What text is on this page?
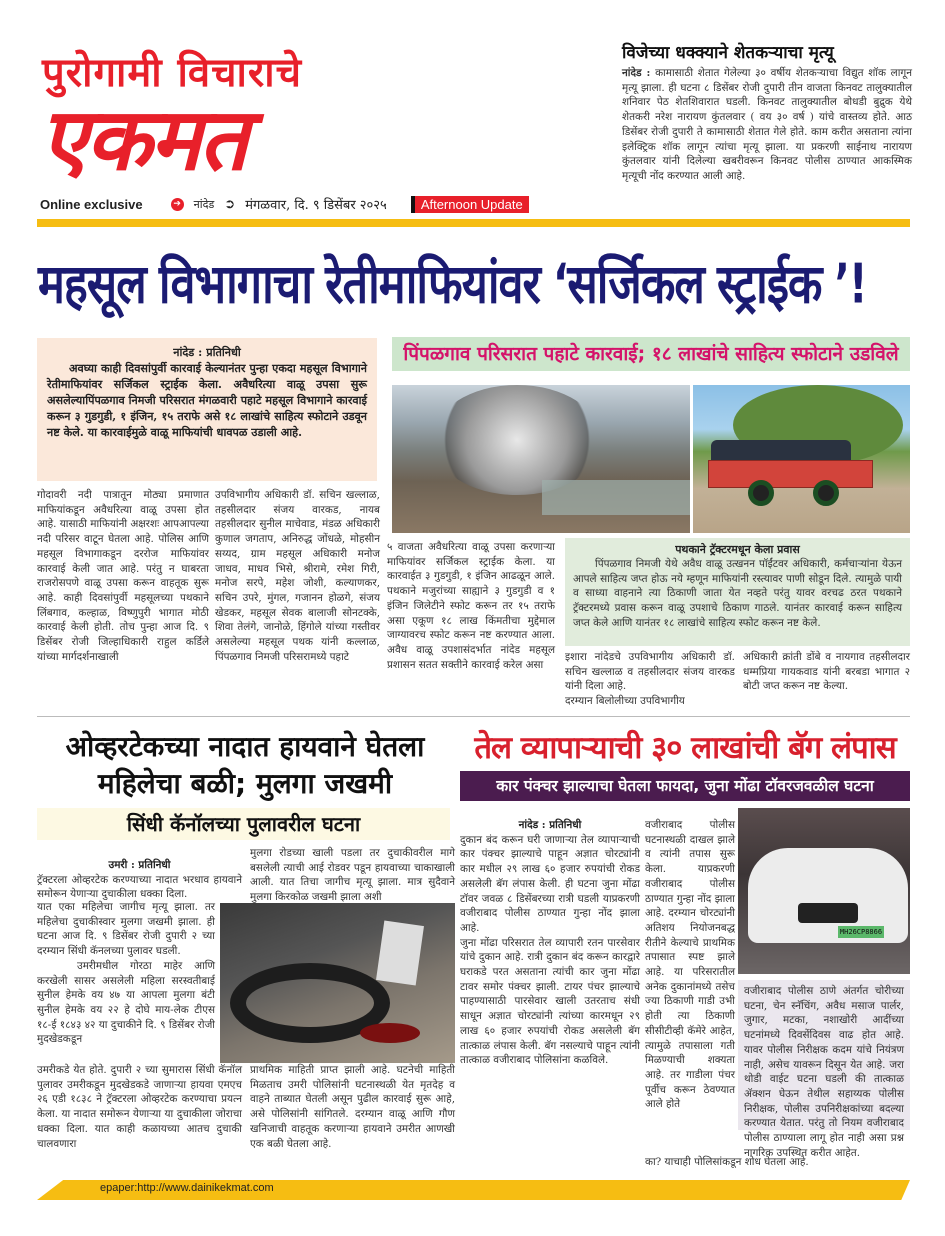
पुरोगामी विचाराचे
एकमत
Online exclusive	➔ नांदेड ➲ मंगळवार, दि. ९ डिसेंबर २०२५	Afternoon Update
विजेच्या धक्क्याने शेतकऱ्याचा मृत्यू
नांदेड : कामासाठी शेतात गेलेल्या ३० वर्षीय शेतकऱ्याचा विद्युत शॉक लागून मृत्यू झाला. ही घटना ८ डिसेंबर रोजी दुपारी तीन वाजता किनवट तालुक्यातील शनिवार पेठ शेतशिवारात घडली. किनवट तालुक्यातील बोधडी बुद्रुक येथे शेतकरी नरेश नारायण कुंतलवार ( वय ३० वर्ष ) यांचे वास्तव्य होते. आठ डिसेंबर रोजी दुपारी ते कामासाठी शेतात गेले होते. काम करीत असताना त्यांना इलेक्ट्रिक शॉक लागून त्यांचा मृत्यू झाला. या प्रकरणी साईनाथ नारायण कुंतलवार यांनी दिलेल्या खबरीवरून किनवट पोलीस ठाण्यात आकस्मिक मृत्यूची नोंद करण्यात आली आहे.
महसूल विभागाचा रेतीमाफियांवर ‘सर्जिकल स्ट्राईक ’!
नांदेड : प्रतिनिधी

अवघ्या काही दिवसांपुर्वी कारवाई केल्यानंतर पुन्हा एकदा महसूल विभागाने रेतीमाफियांवर सर्जिकल स्ट्राईक केला. अवैधरित्या वाळू उपसा सुरू असलेल्यापिंपळगाव निमजी परिसरात मंगळवारी पहाटे महसूल विभागाने कारवाई करून ३ गुडगुडी, १ इंजिन, १५ तराफे असे १८ लाखांचे साहित्य स्फोटाने उडवून नष्ट केले. या कारवाईमुळे वाळू माफियांची धावपळ उडाली आहे.

पिंपळगाव परिसरात पहाटे कारवाई; १८ लाखांचे साहित्य स्फोटाने उडविले

गोदावरी नदी पात्रातून मोठ्या प्रमाणात माफियांकडून अवैधरित्या वाळू उपसा होत आहे. यासाठी माफियांनी अक्षरशः आपआपल्या नदी परिसर वाटून घेतला आहे. पोलिस आणि महसूल विभागाकडून दररोज माफियांवर कारवाई केली जात आहे. परंतु न घाबरता राजरोसपणे वाळू उपसा करून वाहतूक सुरू आहे. काही दिवसांपुर्वी महसूलच्या पथकाने लिंबगाव, कल्हाळ, विष्णुपुरी भागात मोठी कारवाई केली होती. तोच पुन्हा आज दि. ९ डिसेंबर रोजी जिल्हाधिकारी राहुल कर्डिले यांच्या मार्गदर्शनाखाली

उपविभागीय अधिकारी डॉ. सचिन खल्लाळ, तहसीलदार संजय वारकड, नायब तहसीलदार सुनील माचेवाड, मंडळ अधिकारी कुणाल जगताप, अनिरुद्ध जोंधळे, मोहसीन सय्यद, ग्राम महसूल अधिकारी मनोज जाधव, माधव भिसे, श्रीरामे, रमेश गिरी, मनोज सरपे, महेश जोशी, कल्याणकर, सचिन उपरे, मुंगल, गजानन होळगे, संजय खेडकर, महसूल सेवक बालाजी सोनटक्के, शिवा तेलंगे, जानोळे, हिंगोले यांच्या गस्तीवर असलेल्या महसूल पथक यांनी कल्लाळ, पिंपळगाव निमजी परिसरामध्ये पहाटे

५ वाजता अवैधरित्या वाळू उपसा करणाऱ्या माफियांवर सर्जिकल स्ट्राईक केला. या कारवाईत ३ गुडगुडी, १ इंजिन आढळून आले. पथकाने मजुरांच्या साह्याने ३ गुडगुडी व १ इंजिन जिलेटीने स्फोट करून तर १५ तराफे असा एकूण १८ लाख किंमतीचा मुद्देमाल जाग्यावरच स्फोट करून नष्ट करण्यात आला. अवैध वाळू उपशासंदर्भात नांदेड महसूल प्रशासन सतत सक्तीने कारवाई करेल असा

पथकाने ट्रॅक्टरमधून केला प्रवास

पिंपळगाव निमजी येथे अवैध वाळू उत्खनन पॉईंटवर अधिकारी, कर्मचाऱ्यांना येऊन आपले साहित्य जप्त होऊ नये म्हणून माफियांनी रस्त्यावर पाणी सोडून दिले. त्यामुळे पायी व साध्या वाहनाने त्या ठिकाणी जाता येत नव्हते परंतु यावर वरचढ ठरत पथकाने ट्रॅक्टरमध्ये प्रवास करून वाळू उपशाचे ठिकाण गाठले. यानंतर कारवाई करून साहित्य जप्त केले आणि यानंतर १८ लाखांचे साहित्य स्फोट करून नष्ट केले.

इशारा नांदेडचे उपविभागीय अधिकारी डॉ. सचिन खल्लाळ व तहसीलदार संजय वारकड यांनी दिला आहे.

दरम्यान बिलोलीच्या उपविभागीय

अधिकारी क्रांती डोंबे व नायगाव तहसीलदार धम्मप्रिया गायकवाड यांनी बरबडा भागात २ बोटी जप्त करून नष्ट केल्या.

ओव्हरटेकच्या नादात हायवाने घेतला महिलेचा बळी; मुलगा जखमी
सिंधी कॅनॉलच्या पुलावरील घटना
उमरी : प्रतिनिधी

ट्रॅक्टरला ओव्हरटेक करण्याच्या नादात भरधाव हायवाने समोरून येणाऱ्या दुचाकीला धक्का दिला.

मुलगा रोडच्या खाली पडला तर दुचाकीवरील मागे बसलेली त्याची आई रोडवर पडून हायवाच्या चाकाखाली आली. यात तिचा जागीच मृत्यू झाला. मात्र सुदैवाने मुलगा किरकोळ जखमी झाला अशी

यात एका महिलेचा जागीच मृत्यू झाला. तर महिलेचा दुचाकीस्वार मुलगा जखमी झाला. ही घटना आज दि. ९ डिसेंबर रोजी दुपारी २ च्या दरम्यान सिंधी कॅनलच्या पुलावर घडली.

उमरीमधील गोरठा माहेर आणि करखेली सासर असलेली महिला सरस्वतीबाई सुनील हेमके वय ४७ या आपला मुलगा बंटी सुनील हेमके वय २२ हे दोघे माय-लेक टीएस १८-ई १८४३ ४२ या दुचाकीने दि. ९ डिसेंबर रोजी मुदखेडकडून

उमरीकडे येत होते. दुपारी २ च्या सुमारास सिंधी कॅनॉल पुलावर उमरीकडून मुदखेडकडे जाणाऱ्या हायवा एमएच २६ एडी १८३८ ने ट्रॅक्टरला ओव्हरटेक करण्याचा प्रयत्न केला. या नादात समोरून येणाऱ्या या दुचाकीला जोराचा धक्का दिला. यात काही कळायच्या आतच दुचाकी चालवणारा

प्राथमिक माहिती प्राप्त झाली आहे. घटनेची माहिती मिळताच उमरी पोलिसांनी घटनास्थळी येत मृतदेह व वाहने ताब्यात घेतली असून पुढील कारवाई सुरू आहे, असे पोलिसांनी सांगितले. दरम्यान वाळू आणि गौण खनिजाची वाहतूक करणाऱ्या हायवाने उमरीत आणखी एक बळी घेतला आहे.

तेल व्यापाऱ्याची ३० लाखांची बॅग लंपास
कार पंक्चर झाल्याचा घेतला फायदा, जुना मोंढा टॉवरजवळील घटना
नांदेड : प्रतिनिधी

दुकान बंद करून घरी जाणाऱ्या तेल व्यापाऱ्याची कार पंक्चर झाल्याचे पाहून अज्ञात चोरट्यांनी कार मधील २९ लाख ६० हजार रुपयांची रोकड असलेली बॅग लंपास केली. ही घटना जुना मोंढा टॉवर जवळ ८ डिसेंबरच्या रात्री घडली याप्रकरणी वजीराबाद पोलीस ठाण्यात गुन्हा नोंद झाला आहे.

जुना मोंढा परिसरात तेल व्यापारी रतन पारसेवार यांचे दुकान आहे. रात्री दुकान बंद करून कारद्वारे घराकडे परत असताना त्यांची कार जुना मोंढा टावर समोर पंक्चर झाली. टायर पंचर झाल्याचे पाहण्यासाठी पारसेवार खाली उतरताच संधी साधून अज्ञात चोरट्यांनी त्यांच्या कारमधून २९ लाख ६० हजार रुपयांची रोकड असलेली बॅग तात्काळ लंपास केली. बॅग नसल्याचे पाहून त्यांनी तात्काळ वजीराबाद पोलिसांना कळविले.

वजीराबाद पोलीस घटनास्थळी दाखल झाले व त्यांनी तपास सुरू केला. याप्रकरणी वजीराबाद पोलीस ठाण्यात गुन्हा नोंद झाला आहे. दरम्यान चोरट्यांनी अतिशय नियोजनबद्ध रीतीने केल्याचे प्राथमिक तपासात स्पष्ट झाले आहे. या परिसरातील अनेक दुकानांमध्ये तसेच ज्या ठिकाणी गाडी उभी होती त्या ठिकाणी सीसीटीव्ही कॅमेरे आहेत, त्यामुळे तपासाला गती मिळण्याची शक्यता आहे. तर गाडीला पंचर पूर्वीच करून ठेवण्यात आले होते

MH26CP8866

वजीराबाद पोलीस ठाणे अंतर्गत चोरीच्या घटना, चेन स्नॅचिंग, अवैध मसाज पार्लर, जुगार, मटका, नशाखोरी आदींच्या घटनांमध्ये दिवसेंदिवस वाढ होत आहे. यावर पोलीस निरीक्षक कदम यांचे नियंत्रण नाही, असेच यावरून दिसून येत आहे. जरा थोडी वाईट घटना घडली की तात्काळ ॲक्शन घेऊन तेथील सहाय्यक पोलीस निरीक्षक, पोलीस उपनिरीक्षकांच्या बदल्या करण्यात येतात. परंतु तो नियम वजीराबाद पोलीस ठाण्याला लागू होत नाही असा प्रश्न नागरिक उपस्थित करीत आहेत.

का? याचाही पोलिसांकडून शोध घेतला आहे.
epaper:http://www.dainikekmat.com
